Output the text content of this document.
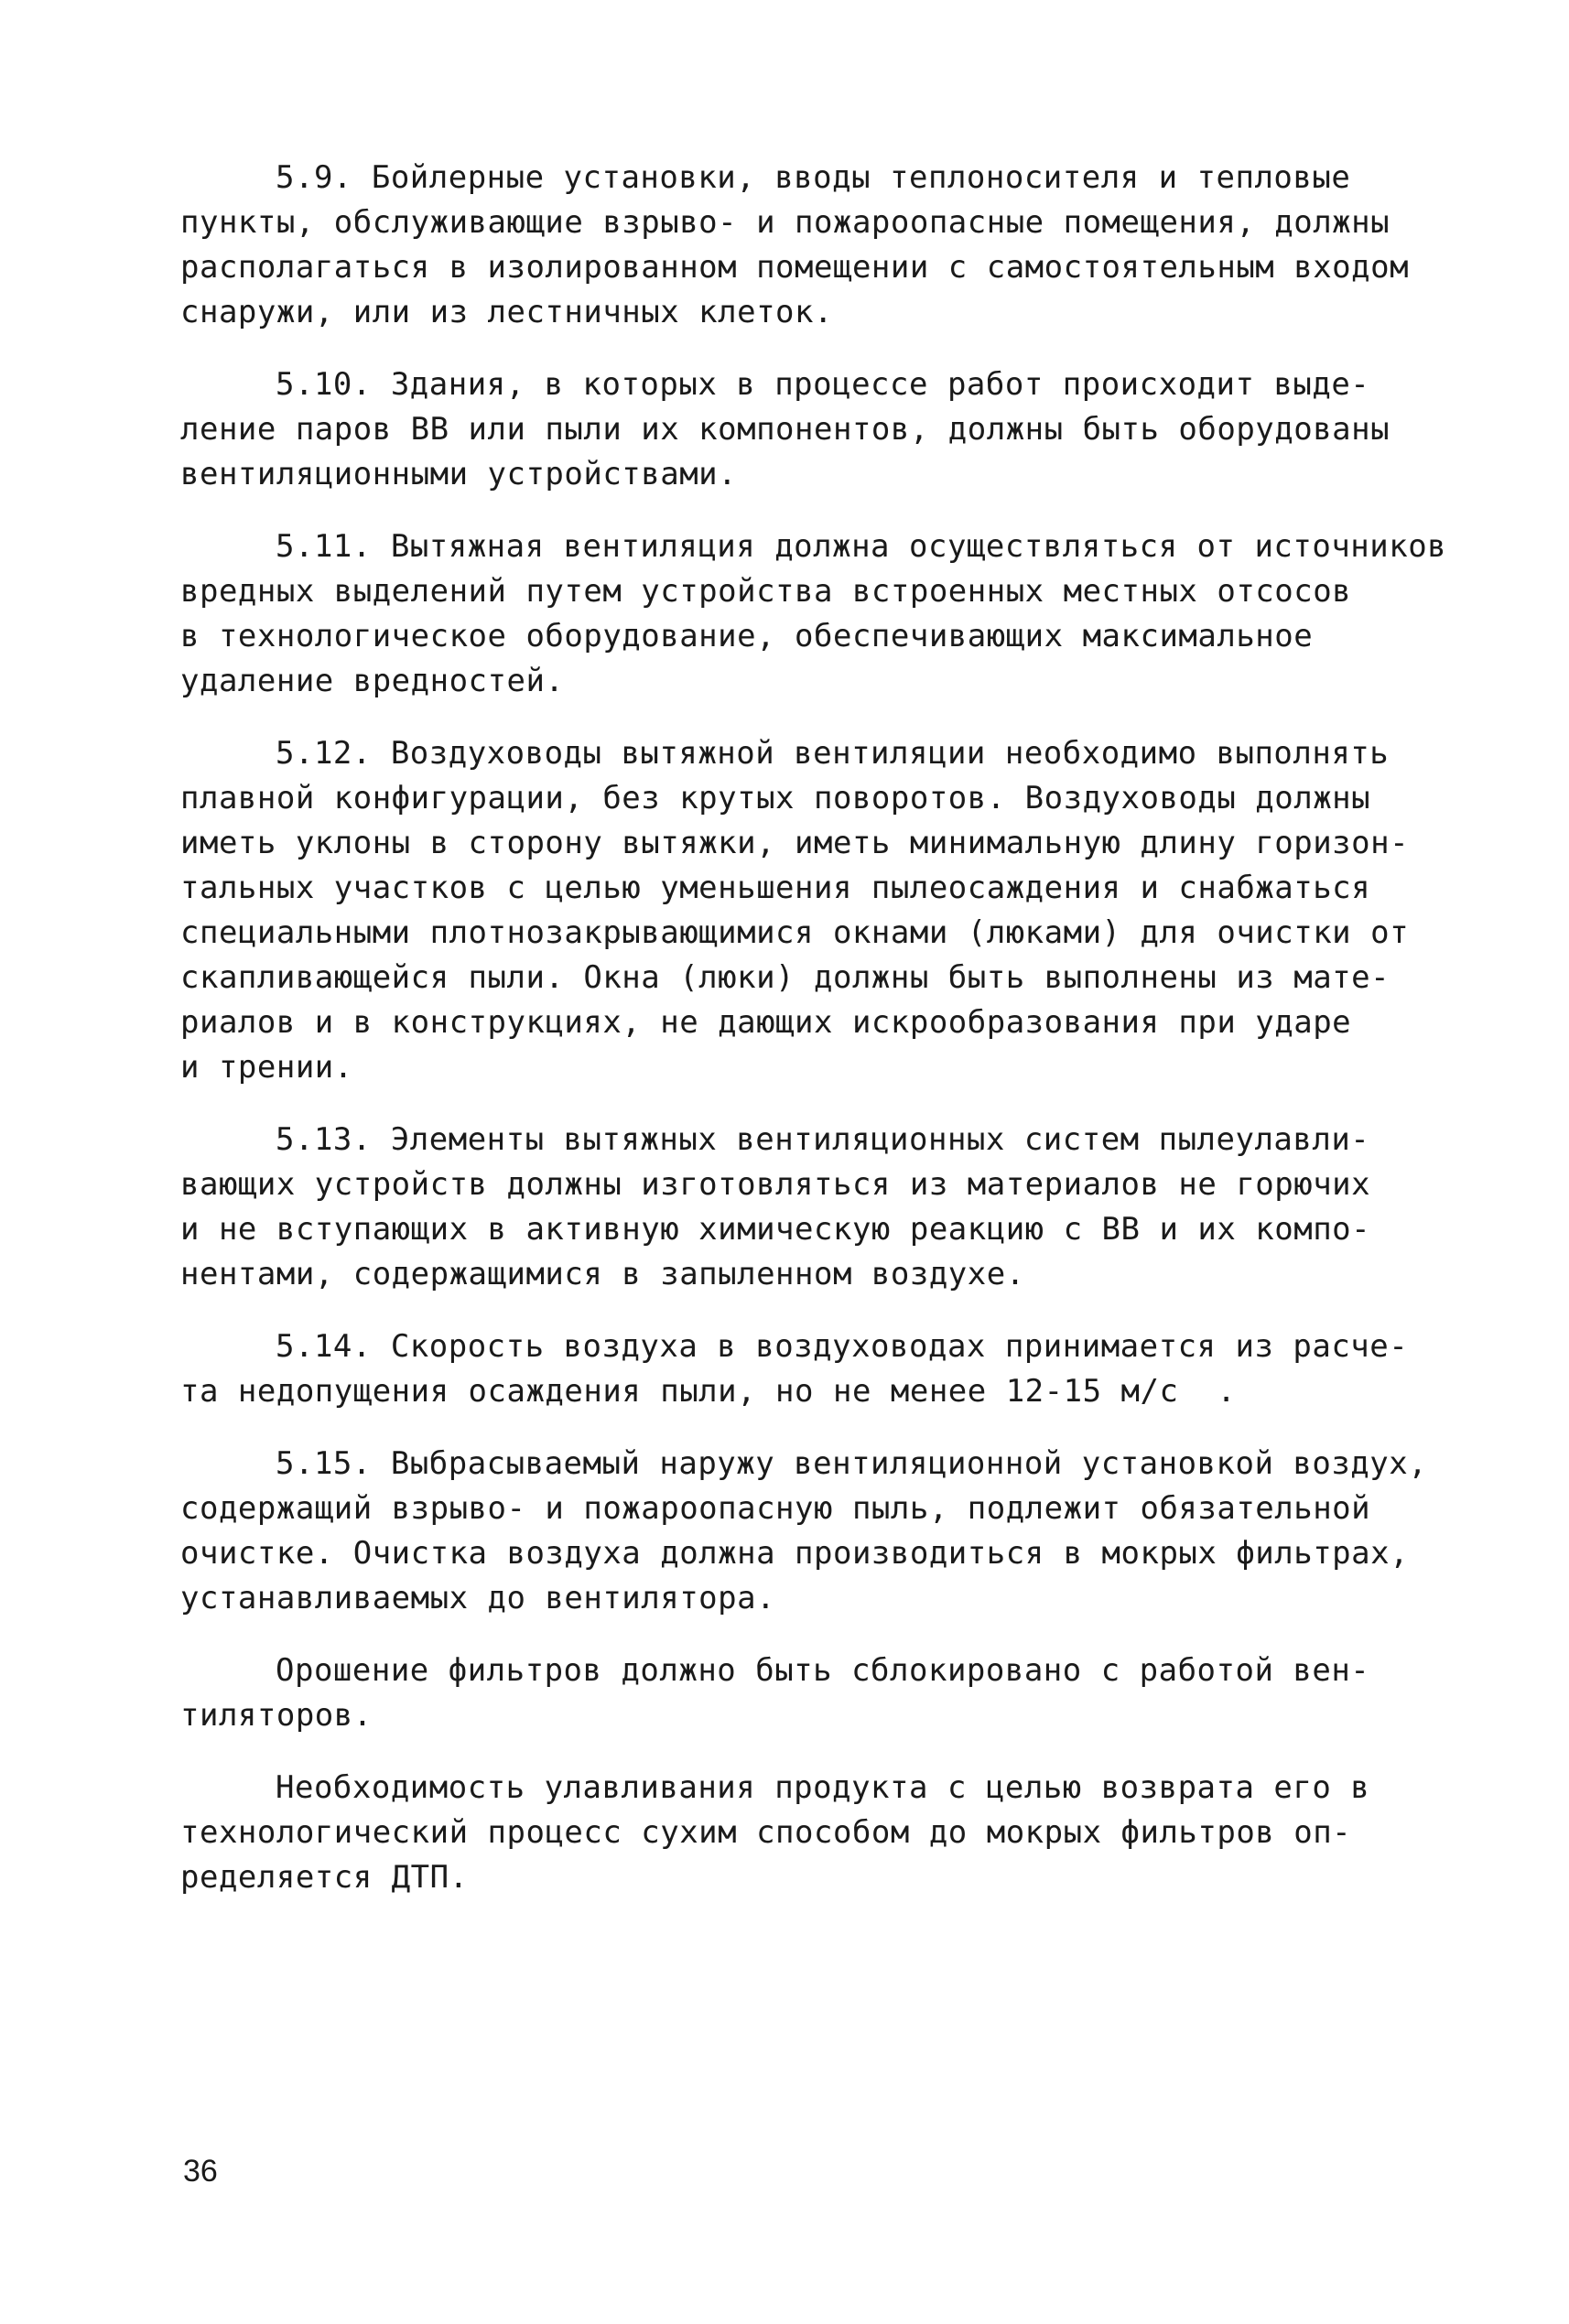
5.9. Бойлерные установки, вводы теплоносителя и тепловые
пункты, обслуживающие взрыво- и пожароопасные помещения, должны
располагаться в изолированном помещении с самостоятельным входом
снаружи, или из лестничных клеток.
5.10. Здания, в которых в процессе работ происходит выде-
ление паров ВВ или пыли их компонентов, должны быть оборудованы
вентиляционными устройствами.
5.11. Вытяжная вентиляция должна осуществляться от источников
вредных выделений путем устройства встроенных местных отсосов
в технологическое оборудование, обеспечивающих максимальное
удаление вредностей.
5.12. Воздуховоды вытяжной вентиляции необходимо выполнять
плавной конфигурации, без крутых поворотов. Воздуховоды должны
иметь уклоны в сторону вытяжки, иметь минимальную длину горизон-
тальных участков с целью уменьшения пылеосаждения и снабжаться
специальными плотнозакрывающимися окнами (люками) для очистки от
скапливающейся пыли. Окна (люки) должны быть выполнены из мате-
риалов и в конструкциях, не дающих искрообразования при ударе
и трении.
5.13. Элементы вытяжных вентиляционных систем пылеулавли-
вающих устройств должны изготовляться из материалов не горючих
и не вступающих в активную химическую реакцию с ВВ и их компо-
нентами, содержащимися в запыленном воздухе.
5.14. Скорость воздуха в воздуховодах принимается из расче-
та недопущения осаждения пыли, но не менее 12-15 м/с  .
5.15. Выбрасываемый наружу вентиляционной установкой воздух,
содержащий взрыво- и пожароопасную пыль, подлежит обязательной
очистке. Очистка воздуха должна производиться в мокрых фильтрах,
устанавливаемых до вентилятора.
Орошение фильтров должно быть сблокировано с работой вен-
тиляторов.
Необходимость улавливания продукта с целью возврата его в
технологический процесс сухим способом до мокрых фильтров оп-
ределяется ДТП.
36
